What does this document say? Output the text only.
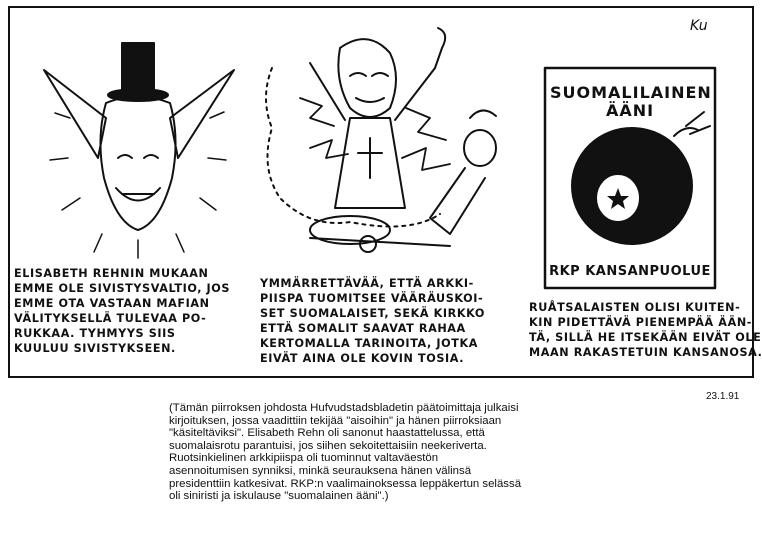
Ku
SUOMALILAINEN
ÄÄNI
RKP KANSANPUOLUE
ELISABETH REHNIN MUKAAN
EMME OLE SIVISTYSVALTIO, JOS
EMME OTA VASTAAN MAFIAN
VÄLITYKSELLÄ TULEVAA PO-
RUKKAA. TYHMYYS SIIS
KUULUU SIVISTYKSEEN.
YMMÄRRETTÄVÄÄ, ETTÄ ARKKI-
PIISPA TUOMITSEE VÄÄRÄUSKOI-
SET SUOMALAISET, SEKÄ KIRKKO
ETTÄ SOMALIT SAAVAT RAHAA
KERTOMALLA TARINOITA, JOTKA
EIVÄT AINA OLE KOVIN TOSIA.
RUÅTSALAISTEN OLISI KUITEN-
KIN PIDETTÄVÄ PIENEMPÄÄ ÄÄN-
TÄ, SILLÄ HE ITSEKÄÄN EIVÄT OLE
MAAN RAKASTETUIN KANSANOSA.
23.1.91
(Tämän piirroksen johdosta Hufvudstadsbladetin päätoimittaja julkaisi
kirjoituksen, jossa vaadittiin tekijää "aisoihin" ja hänen piirroksiaan
"käsiteltäviksi". Elisabeth Rehn oli sanonut haastattelussa, että
suomalaisrotu parantuisi, jos siihen sekoitettaisiin neekeriverta.
Ruotsinkielinen arkkipiispa oli tuominnut valtaväestön
asennoitumisen synniksi, minkä seurauksena hänen välinsä
presidenttiin katkesivat. RKP:n vaalimainoksessa leppäkertun selässä
oli siniristi ja iskulause "suomalainen ääni".)
